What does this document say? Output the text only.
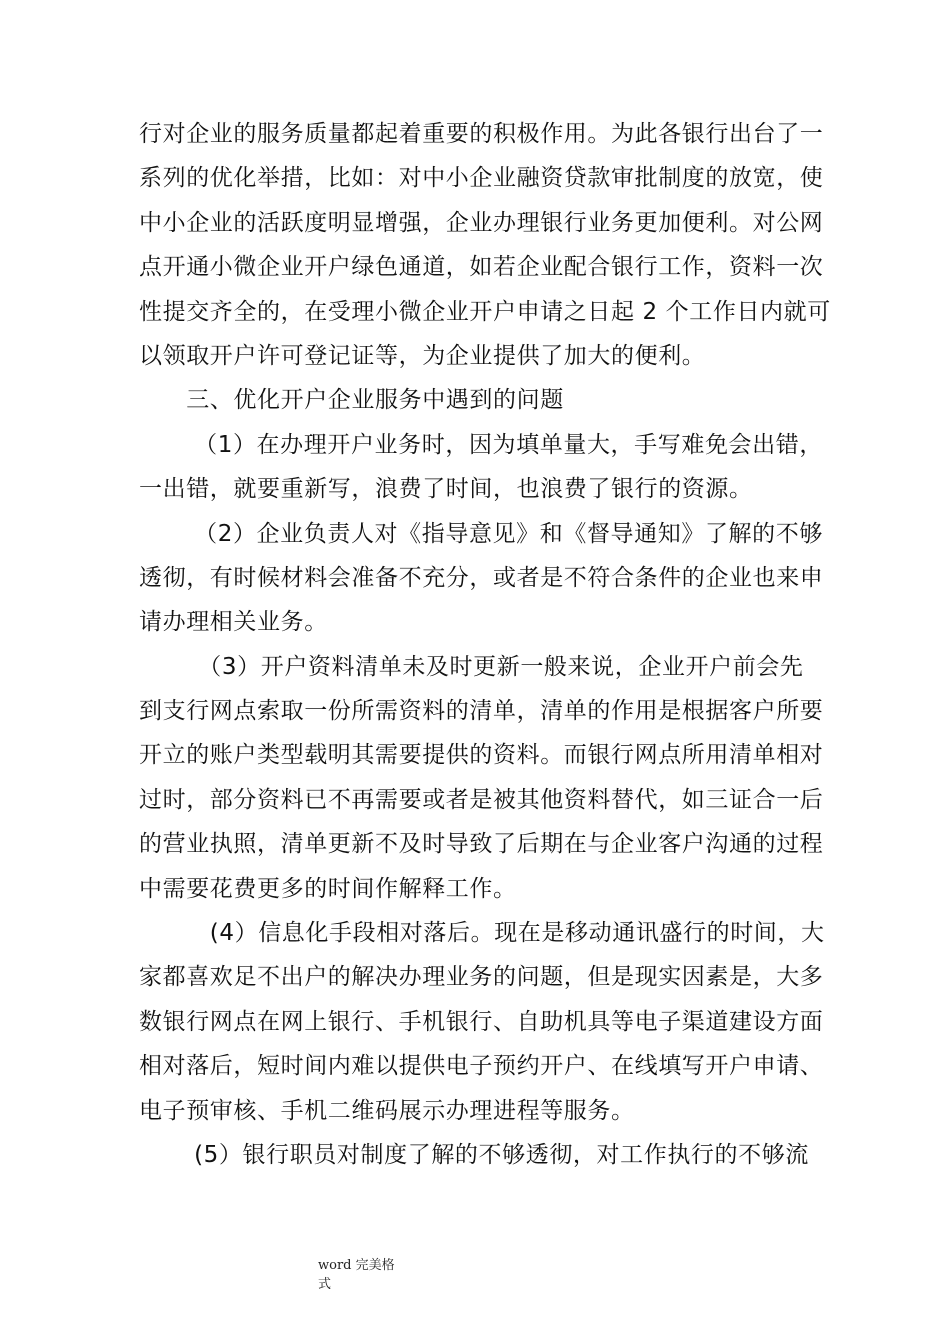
行对企业的服务质量都起着重要的积极作用。为此各银行出台了一
系列的优化举措，比如：对中小企业融资贷款审批制度的放宽，使
中小企业的活跃度明显增强，企业办理银行业务更加便利。对公网
点开通小微企业开户绿色通道，如若企业配合银行工作，资料一次
性提交齐全的，在受理小微企业开户申请之日起 2 个工作日内就可
以领取开户许可登记证等，为企业提供了加大的便利。
　　三、优化开户企业服务中遇到的问题
　　 （1）在办理开户业务时，因为填单量大，手写难免会出错，
一出错，就要重新写，浪费了时间，也浪费了银行的资源。
　　 （2）企业负责人对《指导意见》和《督导通知》了解的不够
透彻，有时候材料会准备不充分，或者是不符合条件的企业也来申
请办理相关业务。
　　　（3）开户资料清单未及时更新一般来说，企业开户前会先
到支行网点索取一份所需资料的清单，清单的作用是根据客户所要
开立的账户类型载明其需要提供的资料。而银行网点所用清单相对
过时，部分资料已不再需要或者是被其他资料替代，如三证合一后
的营业执照，清单更新不及时导致了后期在与企业客户沟通的过程
中需要花费更多的时间作解释工作。
　　　(4）信息化手段相对落后。现在是移动通讯盛行的时间，大
家都喜欢足不出户的解决办理业务的问题，但是现实因素是，大多
数银行网点在网上银行、手机银行、自助机具等电子渠道建设方面
相对落后，短时间内难以提供电子预约开户、在线填写开户申请、
电子预审核、手机二维码展示办理进程等服务。
　　 (5）银行职员对制度了解的不够透彻，对工作执行的不够流
word 完美格
式
